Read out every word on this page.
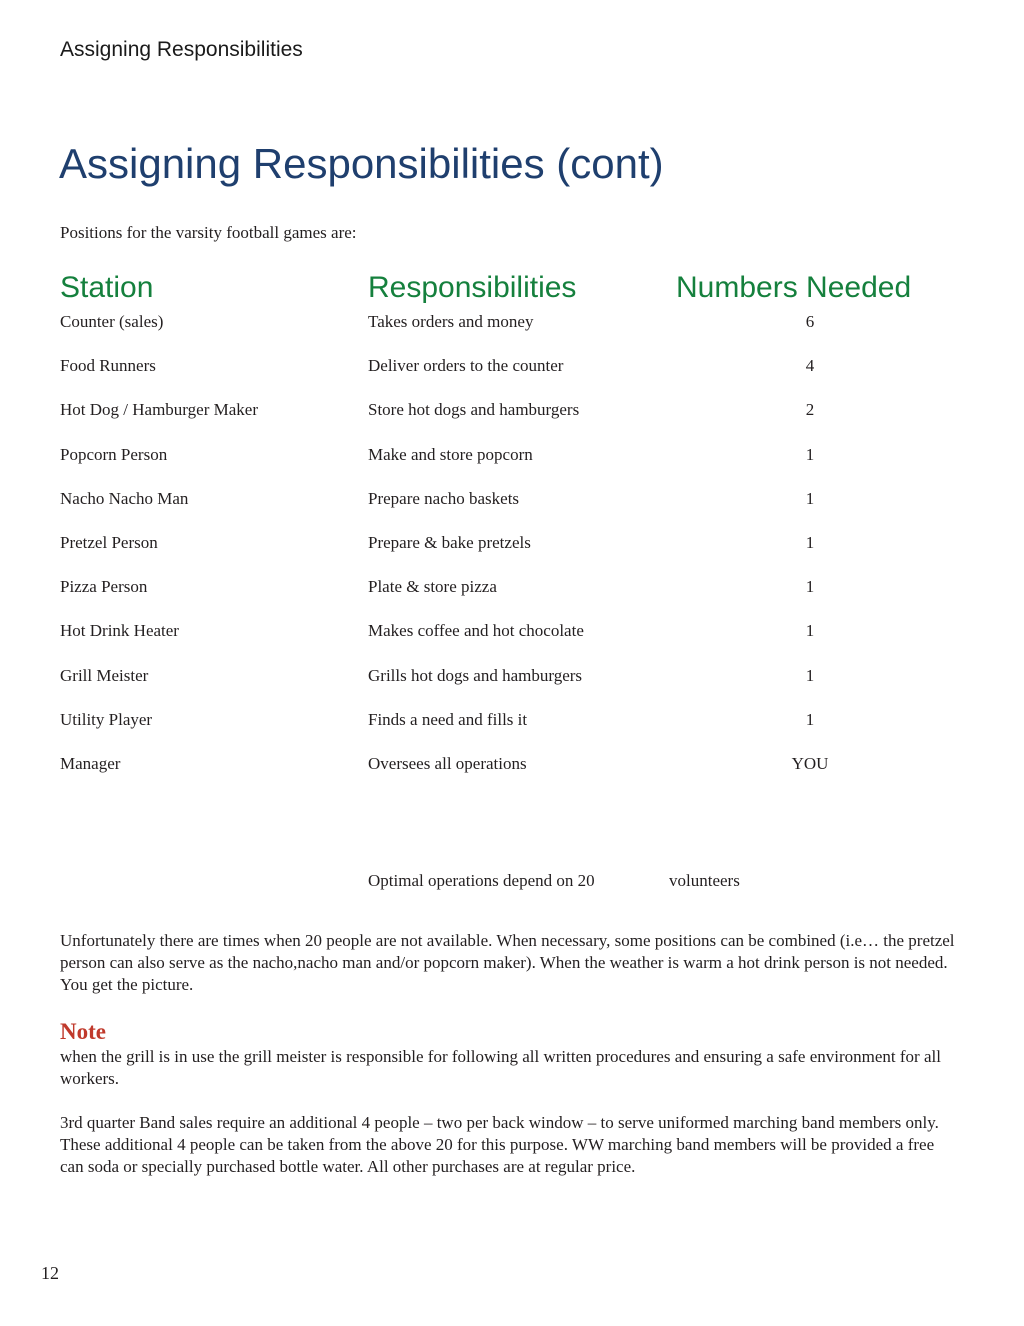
Assigning Responsibilities
Assigning Responsibilities (cont)
Positions for the varsity football games are:
Station	Responsibilities	Numbers Needed
Counter (sales)	Takes orders and money	6
Food Runners	Deliver orders to the counter	4
Hot Dog / Hamburger Maker	Store hot dogs and hamburgers	2
Popcorn Person	Make and store popcorn	1
Nacho Nacho Man	Prepare nacho baskets	1
Pretzel Person	Prepare & bake pretzels	1
Pizza Person	Plate & store pizza	1
Hot Drink Heater	Makes coffee and hot chocolate	1
Grill Meister	Grills hot dogs and hamburgers	1
Utility Player	Finds a need and fills it	1
Manager	Oversees all operations	YOU
Optimal operations depend on 20	volunteers
Unfortunately there are times when 20 people are not available. When necessary, some positions can be combined (i.e… the pretzel person can also serve as the nacho,nacho man and/or popcorn maker). When the weather is warm a hot drink person is not needed. You get the picture.
Note
when the grill is in use the grill meister is responsible for following all written procedures and ensuring a safe environment for all workers.
3rd quarter Band sales require an additional 4 people – two per back window – to serve uniformed marching band members only. These additional 4 people can be taken from the above 20 for this purpose. WW marching band members will be provided a free can soda or specially purchased bottle water. All other purchases are at regular price.
12
